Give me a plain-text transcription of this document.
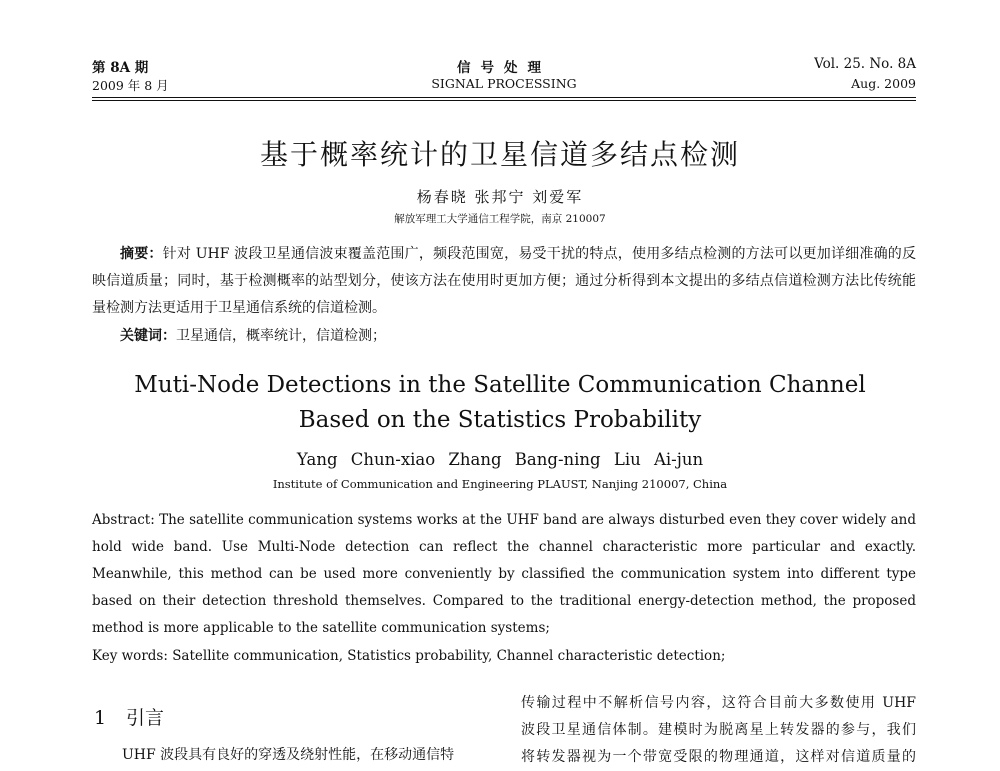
第 8A 期	信号处理	Vol. 25. No. 8A
2009 年 8 月	SIGNAL PROCESSING	Aug. 2009
基于概率统计的卫星信道多结点检测
杨春晓 张邦宁 刘爱军
解放军理工大学通信工程学院，南京 210007
摘要：针对 UHF 波段卫星通信波束覆盖范围广，频段范围宽，易受干扰的特点，使用多结点检测的方法可以更加详细准确的反映信道质量；同时，基于检测概率的站型划分，使该方法在使用时更加方便；通过分析得到本文提出的多结点信道检测方法比传统能量检测方法更适用于卫星通信系统的信道检测。
关键词：卫星通信，概率统计，信道检测；
Muti-Node Detections in the Satellite Communication Channel
Based on the Statistics Probability
Yang Chun-xiao Zhang Bang-ning Liu Ai-jun
Institute of Communication and Engineering PLAUST, Nanjing 210007, China
Abstract: The satellite communication systems works at the UHF band are always disturbed even they cover widely and hold wide band. Use Multi-Node detection can reflect the channel characteristic more particular and exactly. Meanwhile, this method can be used more conveniently by classified the communication system into different type based on their detection threshold themselves. Compared to the traditional energy-detection method, the proposed method is more applicable to the satellite communication systems;
Key words: Satellite communication, Statistics probability, Channel characteristic detection;
1 引言
UHF 波段具有良好的穿透及绕射性能，在移动通信特
传输过程中不解析信号内容，这符合目前大多数使用 UHF
波段卫星通信体制。建模时为脱离星上转发器的参与，我们
将转发器视为一个带宽受限的物理通道，这样对信道质量的
